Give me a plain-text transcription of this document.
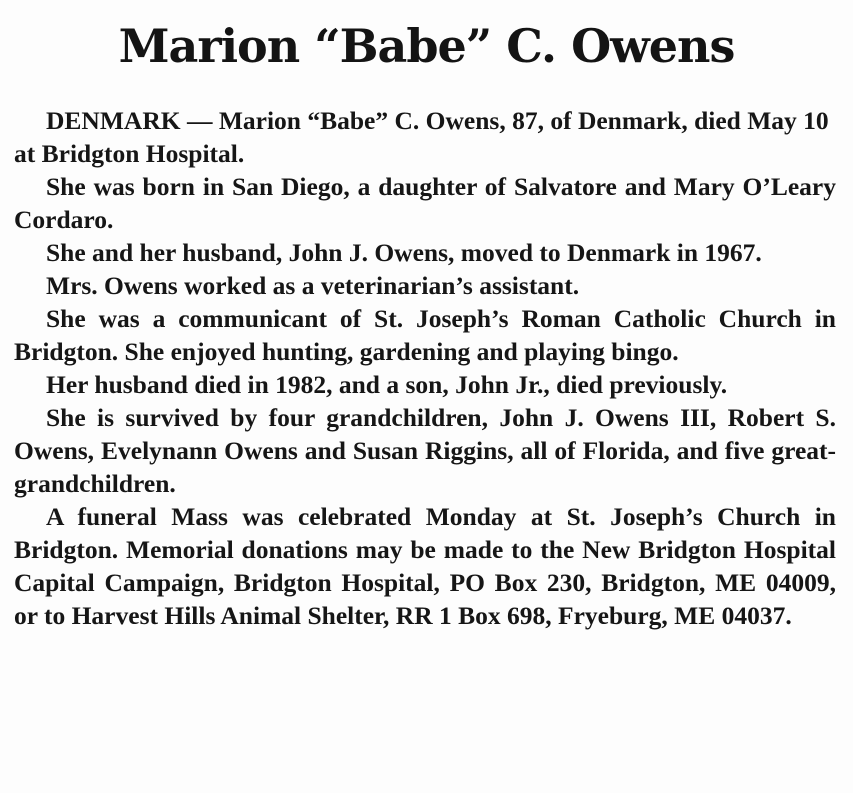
Marion “Babe” C. Owens

DENMARK — Marion “Babe” C. Owens, 87, of Denmark, died May 10 at Bridgton Hospital.

She was born in San Diego, a daughter of Salvatore and Mary O’Leary Cordaro.

She and her husband, John J. Owens, moved to Denmark in 1967.

Mrs. Owens worked as a veterinarian’s assistant.

She was a communicant of St. Joseph’s Roman Catholic Church in Bridgton. She enjoyed hunting, gardening and playing bingo.

Her husband died in 1982, and a son, John Jr., died previously.

She is survived by four grandchildren, John J. Owens III, Robert S. Owens, Evelynann Owens and Susan Riggins, all of Florida, and five great-grandchildren.

A funeral Mass was celebrated Monday at St. Joseph’s Church in Bridgton. Memorial donations may be made to the New Bridgton Hospital Capital Campaign, Bridgton Hospital, PO Box 230, Bridgton, ME 04009, or to Harvest Hills Animal Shelter, RR 1 Box 698, Fryeburg, ME 04037.
